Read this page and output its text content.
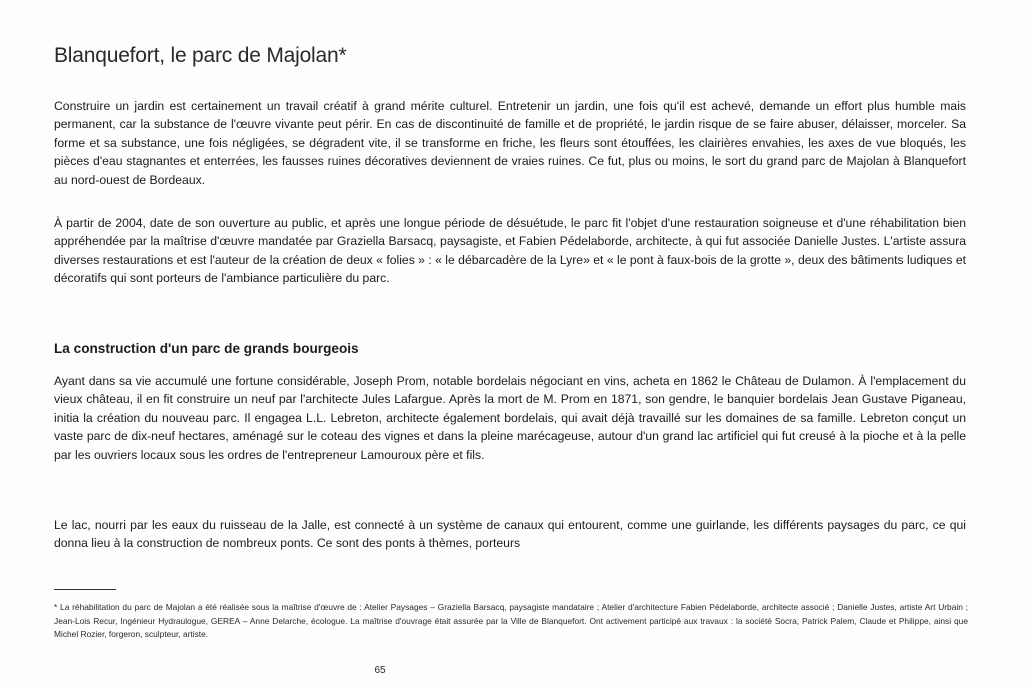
Blanquefort, le parc de Majolan*

Construire un jardin est certainement un travail créatif à grand mérite culturel. Entretenir un jardin, une fois qu'il est achevé, demande un effort plus humble mais permanent, car la substance de l'œuvre vivante peut périr. En cas de discontinuité de famille et de propriété, le jardin risque de se faire abuser, délaisser, morceler. Sa forme et sa substance, une fois négligées, se dégradent vite, il se transforme en friche, les fleurs sont étouffées, les clairières envahies, les axes de vue bloqués, les pièces d'eau stagnantes et enterrées, les fausses ruines décoratives deviennent de vraies ruines. Ce fut, plus ou moins, le sort du grand parc de Majolan à Blanquefort au nord-ouest de Bordeaux.

À partir de 2004, date de son ouverture au public, et après une longue période de désuétude, le parc fit l'objet d'une restauration soigneuse et d'une réhabilitation bien appréhendée par la maîtrise d'œuvre mandatée par Graziella Barsacq, paysagiste, et Fabien Pédelaborde, architecte, à qui fut associée Danielle Justes. L'artiste assura diverses restaurations et est l'auteur de la création de deux « folies » : « le débarcadère de la Lyre» et « le pont à faux-bois de la grotte », deux des bâtiments ludiques et décoratifs qui sont porteurs de l'ambiance particulière du parc.

La construction d'un parc de grands bourgeois

Ayant dans sa vie accumulé une fortune considérable, Joseph Prom, notable bordelais négociant en vins, acheta en 1862 le Château de Dulamon. À l'emplacement du vieux château, il en fit construire un neuf par l'architecte Jules Lafargue. Après la mort de M. Prom en 1871, son gendre, le banquier bordelais Jean Gustave Piganeau, initia la création du nouveau parc. Il engagea L.L. Lebreton, architecte également bordelais, qui avait déjà travaillé sur les domaines de sa famille. Lebreton conçut un vaste parc de dix-neuf hectares, aménagé sur le coteau des vignes et dans la pleine marécageuse, autour d'un grand lac artificiel qui fut creusé à la pioche et à la pelle par les ouvriers locaux sous les ordres de l'entrepreneur Lamouroux père et fils.

Le lac, nourri par les eaux du ruisseau de la Jalle, est connecté à un système de canaux qui entourent, comme une guirlande, les différents paysages du parc, ce qui donna lieu à la construction de nombreux ponts. Ce sont des ponts à thèmes, porteurs

* La réhabilitation du parc de Majolan a été réalisée sous la maîtrise d'œuvre de : Atelier Paysages – Graziella Barsacq, paysagiste mandataire ; Atelier d'architecture Fabien Pédelaborde, architecte associé ; Danielle Justes, artiste Art Urbain ; Jean-Lois Recur, Ingénieur Hydraulogue, GEREA – Anne Delarche, écologue. La maîtrise d'ouvrage était assurée par la Ville de Blanquefort. Ont activement participé aux travaux : la société Socra, Patrick Palem, Claude et Philippe, ainsi que Michel Rozier, forgeron, sculpteur, artiste.

65
